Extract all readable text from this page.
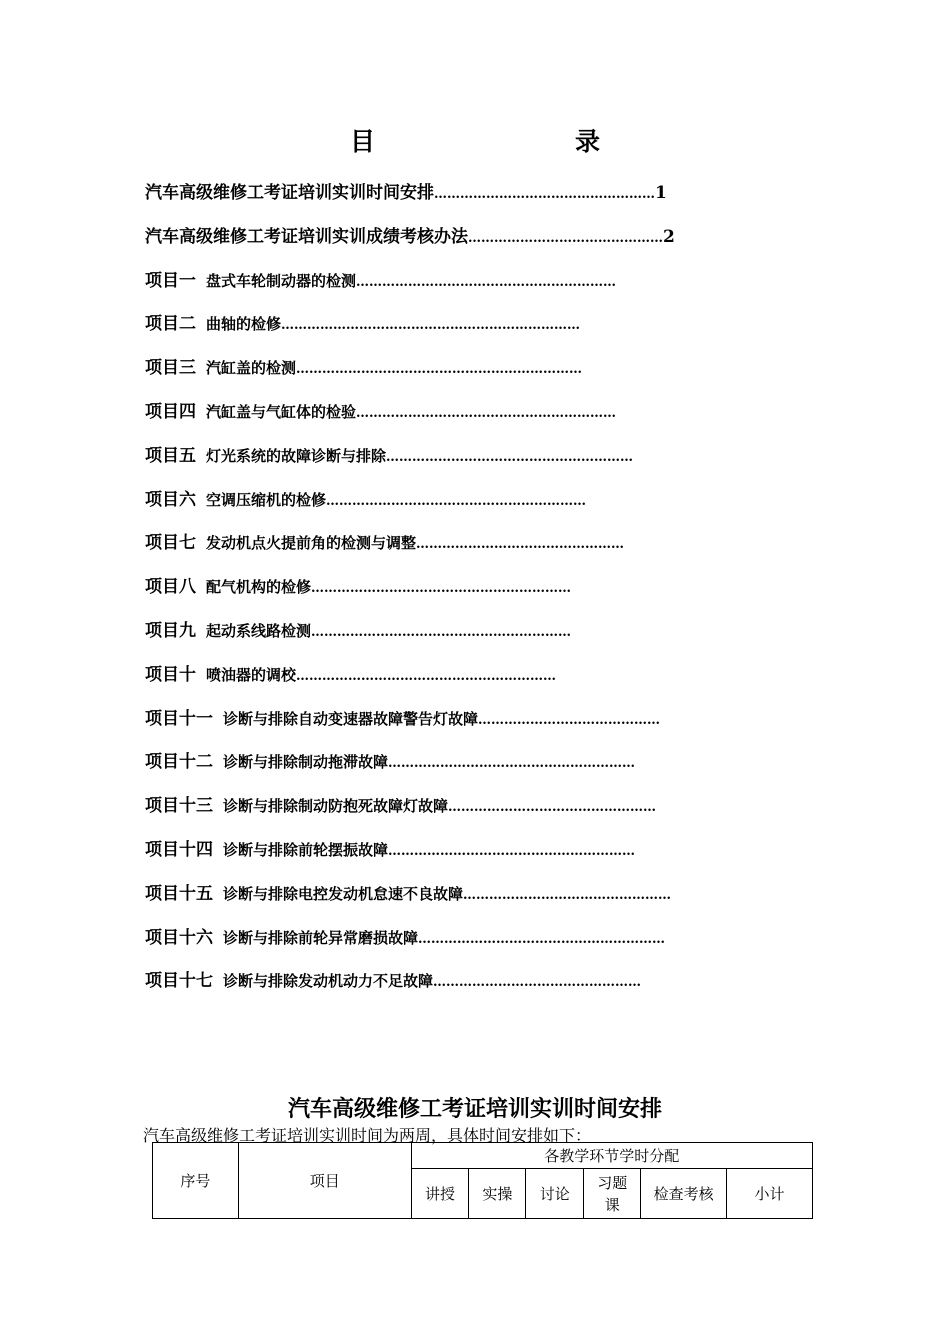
目　　录
汽车高级维修工考证培训实训时间安排……………………………………………1
汽车高级维修工考证培训实训成绩考核办法………………………………………2
项目一 盘式车轮制动器的检测……………………………………………………
项目二 曲轴的检修……………………………………………………………
项目三 汽缸盖的检测…………………………………………………………
项目四 汽缸盖与气缸体的检验……………………………………………………
项目五 灯光系统的故障诊断与排除…………………………………………………
项目六 空调压缩机的检修……………………………………………………
项目七 发动机点火提前角的检测与调整…………………………………………
项目八 配气机构的检修……………………………………………………
项目九 起动系线路检测……………………………………………………
项目十 喷油器的调校……………………………………………………
项目十一 诊断与排除自动变速器故障警告灯故障……………………………………
项目十二 诊断与排除制动拖滞故障…………………………………………………
项目十三 诊断与排除制动防抱死故障灯故障…………………………………………
项目十四 诊断与排除前轮摆振故障…………………………………………………
项目十五 诊断与排除电控发动机怠速不良故障…………………………………………
项目十六 诊断与排除前轮异常磨损故障…………………………………………………
项目十七 诊断与排除发动机动力不足故障…………………………………………
汽车高级维修工考证培训实训时间安排
汽车高级维修工考证培训实训时间为两周，具体时间安排如下：
序号	项目	各教学环节学时分配					
		讲授	实操	讨论	习题课	检查考核	小计
